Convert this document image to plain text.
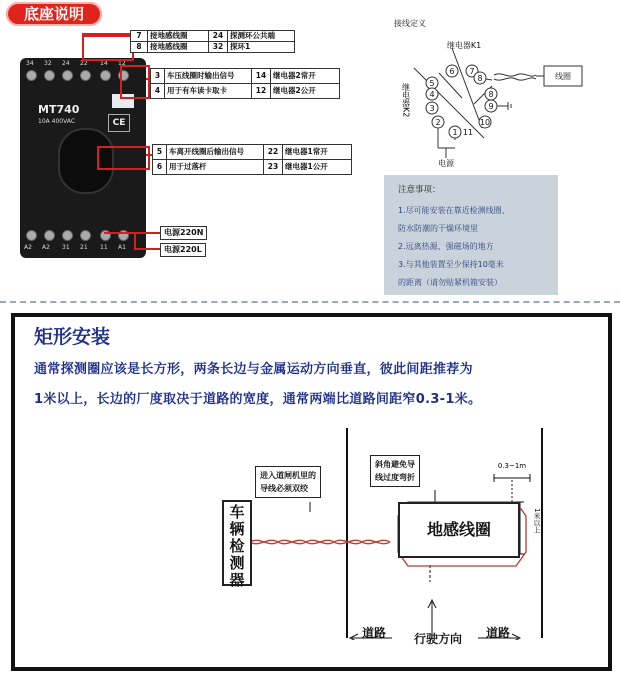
底座说明
MT740
10A 400VAC	CE
34 32 24 22 14 12
A2 A2 31 21 11 A1
7	接地感线圈	24 探测环公共端
8	接地感线圈	32 探环1
3 车压线圈时输出信号	14 继电器2常开
4 用于有车读卡取卡	12 继电器2公开
5 车离开线圈后输出信号	22 继电器1常开
6 用于过落杆	23 继电器1公开
电源220N
电源220L
接线定义
6 7
8
5
4
3	9
8
2
1
10
11
线圈
继电器K1
电源
继电器K2
注意事项：
1.尽可能安装在靠近检测线圈、
防水防潮的干燥环境里
2.远离热源、强磁场的地方
3.与其他装置至少保持10毫米
的距离（请勿贴紧机箱安装）
矩形安装
通常探测圈应该是长方形，两条长边与金属运动方向垂直，彼此间距推荐为
1米以上，长边的厂度取决于道路的宽度，通常两端比道路间距窄0.3-1米。
进入道闸机里的
导线必须双绞
斜角避免导
线过度弯折
0.3~1m
1米以上
车辆检测器
地感线圈
道路	道路
行驶方向
